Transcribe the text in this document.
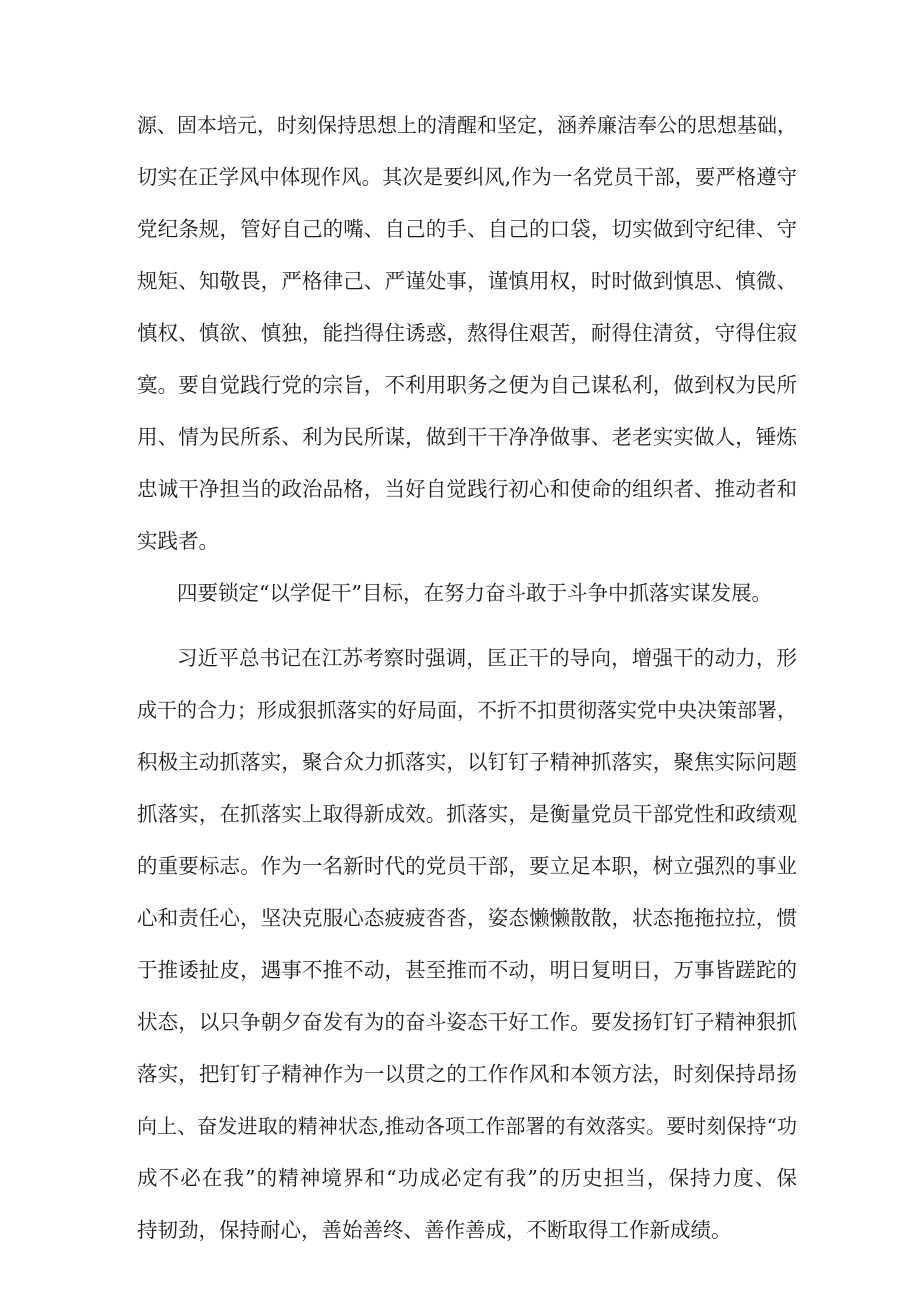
源、固本培元，时刻保持思想上的清醒和坚定，涵养廉洁奉公的思想基础，
切实在正学风中体现作风。其次是要纠风,作为一名党员干部，要严格遵守
党纪条规，管好自己的嘴、自己的手、自己的口袋，切实做到守纪律、守
规矩、知敬畏，严格律己、严谨处事，谨慎用权，时时做到慎思、慎微、
慎权、慎欲、慎独，能挡得住诱惑，熬得住艰苦，耐得住清贫，守得住寂
寞。要自觉践行党的宗旨，不利用职务之便为自己谋私利，做到权为民所
用、情为民所系、利为民所谋，做到干干净净做事、老老实实做人，锤炼
忠诚干净担当的政治品格，当好自觉践行初心和使命的组织者、推动者和
实践者。
四要锁定“以学促干”目标，在努力奋斗敢于斗争中抓落实谋发展。
习近平总书记在江苏考察时强调，匡正干的导向，增强干的动力，形
成干的合力；形成狠抓落实的好局面，不折不扣贯彻落实党中央决策部署，
积极主动抓落实，聚合众力抓落实，以钉钉子精神抓落实，聚焦实际问题
抓落实，在抓落实上取得新成效。抓落实，是衡量党员干部党性和政绩观
的重要标志。作为一名新时代的党员干部，要立足本职，树立强烈的事业
心和责任心，坚决克服心态疲疲沓沓，姿态懒懒散散，状态拖拖拉拉，惯
于推诿扯皮，遇事不推不动，甚至推而不动，明日复明日，万事皆蹉跎的
状态，以只争朝夕奋发有为的奋斗姿态干好工作。要发扬钉钉子精神狠抓
落实，把钉钉子精神作为一以贯之的工作作风和本领方法，时刻保持昂扬
向上、奋发进取的精神状态,推动各项工作部署的有效落实。要时刻保持“功
成不必在我”的精神境界和“功成必定有我”的历史担当，保持力度、保
持韧劲，保持耐心，善始善终、善作善成，不断取得工作新成绩。
